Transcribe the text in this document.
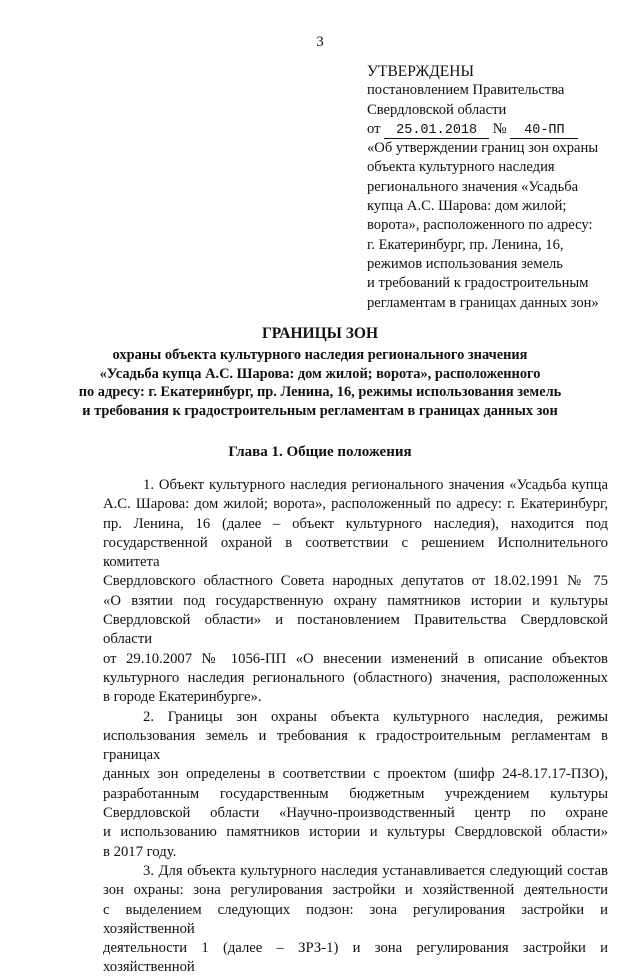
3
УТВЕРЖДЕНЫ
постановлением Правительства
Свердловской области
от 25.01.2018 № 40-ПП
«Об утверждении границ зон охраны
объекта культурного наследия
регионального значения «Усадьба
купца А.С. Шарова: дом жилой;
ворота», расположенного по адресу:
г. Екатеринбург, пр. Ленина, 16,
режимов использования земель
и требований к градостроительным
регламентам в границах данных зон»
ГРАНИЦЫ ЗОН
охраны объекта культурного наследия регионального значения
«Усадьба купца А.С. Шарова: дом жилой; ворота», расположенного
по адресу: г. Екатеринбург, пр. Ленина, 16, режимы использования земель
и требования к градостроительным регламентам в границах данных зон
Глава 1. Общие положения

1. Объект культурного наследия регионального значения «Усадьба купца

А.С. Шарова: дом жилой; ворота», расположенный по адресу: г. Екатеринбург,

пр. Ленина, 16 (далее – объект культурного наследия), находится под

государственной охраной в соответствии с решением Исполнительного комитета

Свердловского областного Совета народных депутатов от 18.02.1991 № 75

«О взятии под государственную охрану памятников истории и культуры

Свердловской области» и постановлением Правительства Свердловской области

от 29.10.2007 № 1056-ПП «О внесении изменений в описание объектов

культурного наследия регионального (областного) значения, расположенных

в городе Екатеринбурге».

2. Границы зон охраны объекта культурного наследия, режимы

использования земель и требования к градостроительным регламентам в границах

данных зон определены в соответствии с проектом (шифр 24-8.17.17-ПЗО),

разработанным государственным бюджетным учреждением культуры

Свердловской области «Научно-производственный центр по охране

и использованию памятников истории и культуры Свердловской области»

в 2017 году.

3. Для объекта культурного наследия устанавливается следующий состав

зон охраны: зона регулирования застройки и хозяйственной деятельности

с выделением следующих подзон: зона регулирования застройки и хозяйственной

деятельности 1 (далее – ЗРЗ-1) и зона регулирования застройки и хозяйственной
